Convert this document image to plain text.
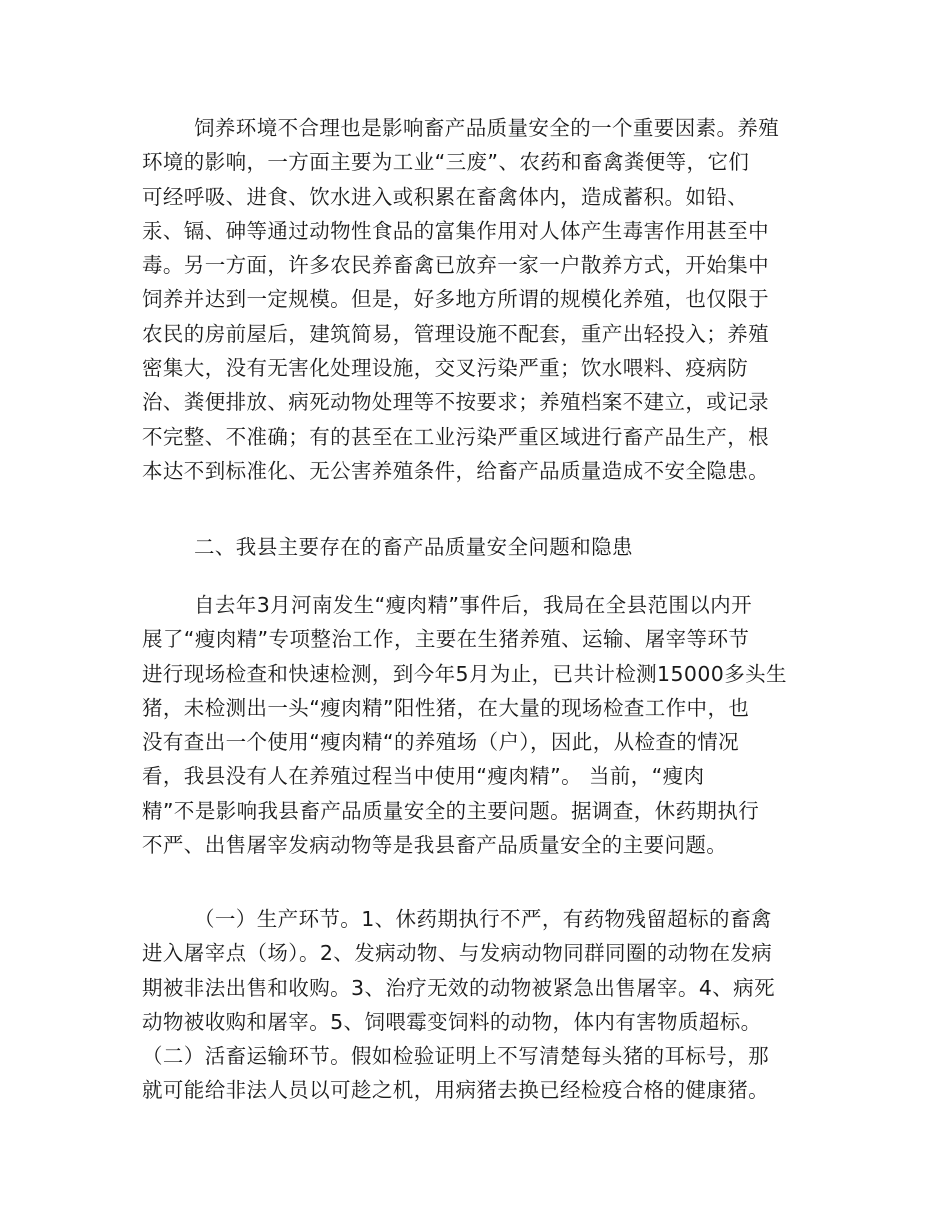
饲养环境不合理也是影响畜产品质量安全的一个重要因素。养殖
环境的影响，一方面主要为工业“三废”、农药和畜禽粪便等，它们
可经呼吸、进食、饮水进入或积累在畜禽体内，造成蓄积。如铅、
汞、镉、砷等通过动物性食品的富集作用对人体产生毒害作用甚至中
毒。另一方面，许多农民养畜禽已放弃一家一户散养方式，开始集中
饲养并达到一定规模。但是，好多地方所谓的规模化养殖，也仅限于
农民的房前屋后，建筑简易，管理设施不配套，重产出轻投入；养殖
密集大，没有无害化处理设施，交叉污染严重；饮水喂料、疫病防
治、粪便排放、病死动物处理等不按要求；养殖档案不建立，或记录
不完整、不准确；有的甚至在工业污染严重区域进行畜产品生产，根
本达不到标准化、无公害养殖条件，给畜产品质量造成不安全隐患。
二、我县主要存在的畜产品质量安全问题和隐患
自去年3月河南发生“瘦肉精”事件后，我局在全县范围以内开
展了“瘦肉精”专项整治工作，主要在生猪养殖、运输、屠宰等环节
进行现场检查和快速检测，到今年5月为止，已共计检测15000多头生
猪，未检测出一头“瘦肉精”阳性猪，在大量的现场检查工作中，也
没有查出一个使用“瘦肉精“的养殖场（户），因此，从检查的情况
看，我县没有人在养殖过程当中使用“瘦肉精”。 当前，“瘦肉
精”不是影响我县畜产品质量安全的主要问题。据调查，休药期执行
不严、出售屠宰发病动物等是我县畜产品质量安全的主要问题。
（一）生产环节。1、休药期执行不严，有药物残留超标的畜禽
进入屠宰点（场）。2、发病动物、与发病动物同群同圈的动物在发病
期被非法出售和收购。3、治疗无效的动物被紧急出售屠宰。4、病死
动物被收购和屠宰。5、饲喂霉变饲料的动物，体内有害物质超标。
（二）活畜运输环节。假如检验证明上不写清楚每头猪的耳标号，那
就可能给非法人员以可趁之机，用病猪去换已经检疫合格的健康猪。
